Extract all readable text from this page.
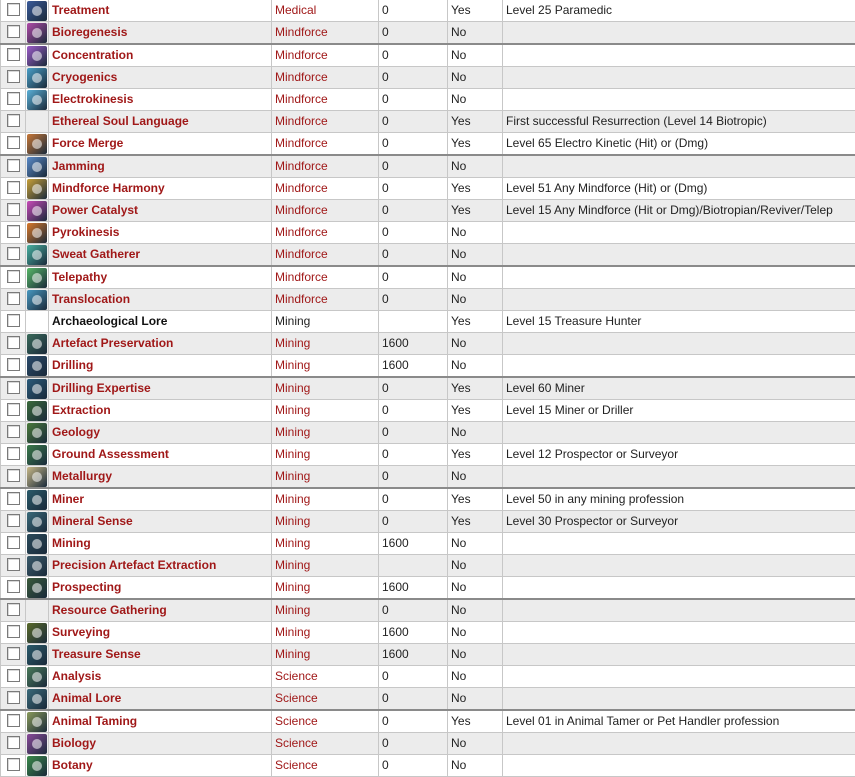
	Treatment	Medical	0	Yes	Level 25 Paramedic

	Bioregenesis	Mindforce	0	No	

	Concentration	Mindforce	0	No	

	Cryogenics	Mindforce	0	No	

	Electrokinesis	Mindforce	0	No	

	Ethereal Soul Language	Mindforce	0	Yes	First successful Resurrection (Level 14 Biotropic)

	Force Merge	Mindforce	0	Yes	Level 65 Electro Kinetic (Hit) or (Dmg)

	Jamming	Mindforce	0	No	

	Mindforce Harmony	Mindforce	0	Yes	Level 51 Any Mindforce (Hit) or (Dmg)

	Power Catalyst	Mindforce	0	Yes	Level 15 Any Mindforce (Hit or Dmg)/Biotropian/Reviver/Telep

	Pyrokinesis	Mindforce	0	No	

	Sweat Gatherer	Mindforce	0	No	

	Telepathy	Mindforce	0	No	

	Translocation	Mindforce	0	No	

	Archaeological Lore	Mining		Yes	Level 15 Treasure Hunter

	Artefact Preservation	Mining	1600	No	

	Drilling	Mining	1600	No	

	Drilling Expertise	Mining	0	Yes	Level 60 Miner

	Extraction	Mining	0	Yes	Level 15 Miner or Driller

	Geology	Mining	0	No	

	Ground Assessment	Mining	0	Yes	Level 12 Prospector or Surveyor

	Metallurgy	Mining	0	No	

	Miner	Mining	0	Yes	Level 50 in any mining profession

	Mineral Sense	Mining	0	Yes	Level 30 Prospector or Surveyor

	Mining	Mining	1600	No	

	Precision Artefact Extraction	Mining		No	

	Prospecting	Mining	1600	No	

	Resource Gathering	Mining	0	No	

	Surveying	Mining	1600	No	

	Treasure Sense	Mining	1600	No	

	Analysis	Science	0	No	

	Animal Lore	Science	0	No	

	Animal Taming	Science	0	Yes	Level 01 in Animal Tamer or Pet Handler profession

	Biology	Science	0	No	

	Botany	Science	0	No	
